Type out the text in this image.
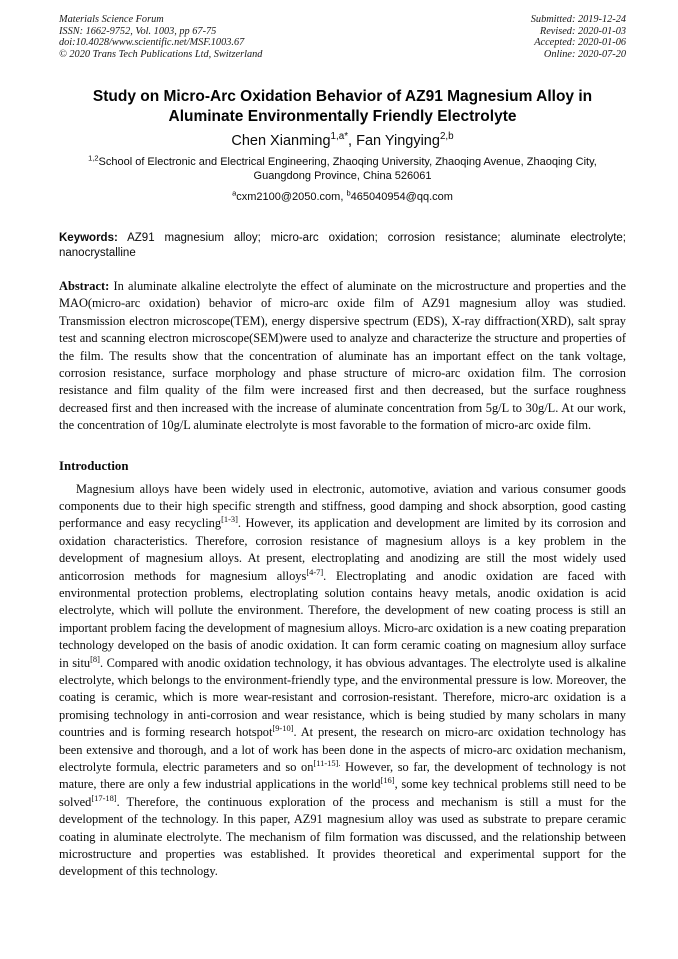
Materials Science Forum
ISSN: 1662-9752, Vol. 1003, pp 67-75
doi:10.4028/www.scientific.net/MSF.1003.67
© 2020 Trans Tech Publications Ltd, Switzerland
Submitted: 2019-12-24
Revised: 2020-01-03
Accepted: 2020-01-06
Online: 2020-07-20
Study on Micro-Arc Oxidation Behavior of AZ91 Magnesium Alloy in Aluminate Environmentally Friendly Electrolyte
Chen Xianming$^{1,a*}$, Fan Yingying$^{2,b}$
$^{1,2}$School of Electronic and Electrical Engineering, Zhaoqing University, Zhaoqing Avenue, Zhaoqing City, Guangdong Province, China 526061
$^a$cxm2100@2050.com, $^b$465040954@qq.com
Keywords: AZ91 magnesium alloy; micro-arc oxidation; corrosion resistance; aluminate electrolyte; nanocrystalline
Abstract: In aluminate alkaline electrolyte the effect of aluminate on the microstructure and properties and the MAO(micro-arc oxidation) behavior of micro-arc oxide film of AZ91 magnesium alloy was studied. Transmission electron microscope(TEM), energy dispersive spectrum (EDS), X-ray diffraction(XRD), salt spray test and scanning electron microscope(SEM)were used to analyze and characterize the structure and properties of the film. The results show that the concentration of aluminate has an important effect on the tank voltage, corrosion resistance, surface morphology and phase structure of micro-arc oxidation film. The corrosion resistance and film quality of the film were increased first and then decreased, but the surface roughness decreased first and then increased with the increase of aluminate concentration from 5g/L to 30g/L. At our work, the concentration of 10g/L aluminate electrolyte is most favorable to the formation of micro-arc oxide film.
Introduction
Magnesium alloys have been widely used in electronic, automotive, aviation and various consumer goods components due to their high specific strength and stiffness, good damping and shock absorption, good casting performance and easy recycling[1-3]. However, its application and development are limited by its corrosion and oxidation characteristics. Therefore, corrosion resistance of magnesium alloys is a key problem in the development of magnesium alloys. At present, electroplating and anodizing are still the most widely used anticorrosion methods for magnesium alloys[4-7]. Electroplating and anodic oxidation are faced with environmental protection problems, electroplating solution contains heavy metals, anodic oxidation is acid electrolyte, which will pollute the environment. Therefore, the development of new coating process is still an important problem facing the development of magnesium alloys. Micro-arc oxidation is a new coating preparation technology developed on the basis of anodic oxidation. It can form ceramic coating on magnesium alloy surface in situ[8]. Compared with anodic oxidation technology, it has obvious advantages. The electrolyte used is alkaline electrolyte, which belongs to the environment-friendly type, and the environmental pressure is low. Moreover, the coating is ceramic, which is more wear-resistant and corrosion-resistant. Therefore, micro-arc oxidation is a promising technology in anti-corrosion and wear resistance, which is being studied by many scholars in many countries and is forming research hotspot[9-10]. At present, the research on micro-arc oxidation technology has been extensive and thorough, and a lot of work has been done in the aspects of micro-arc oxidation mechanism, electrolyte formula, electric parameters and so $on^{[11-15].}$ However, so far, the development of technology is not mature, there are only a few industrial applications in the world[16], some key technical problems still need to be solved[17-18]. Therefore, the continuous exploration of the process and mechanism is still a must for the development of the technology. In this paper, AZ91 magnesium alloy was used as substrate to prepare ceramic coating in aluminate electrolyte. The mechanism of film formation was discussed, and the relationship between microstructure and properties was established. It provides theoretical and experimental support for the development of this technology.
